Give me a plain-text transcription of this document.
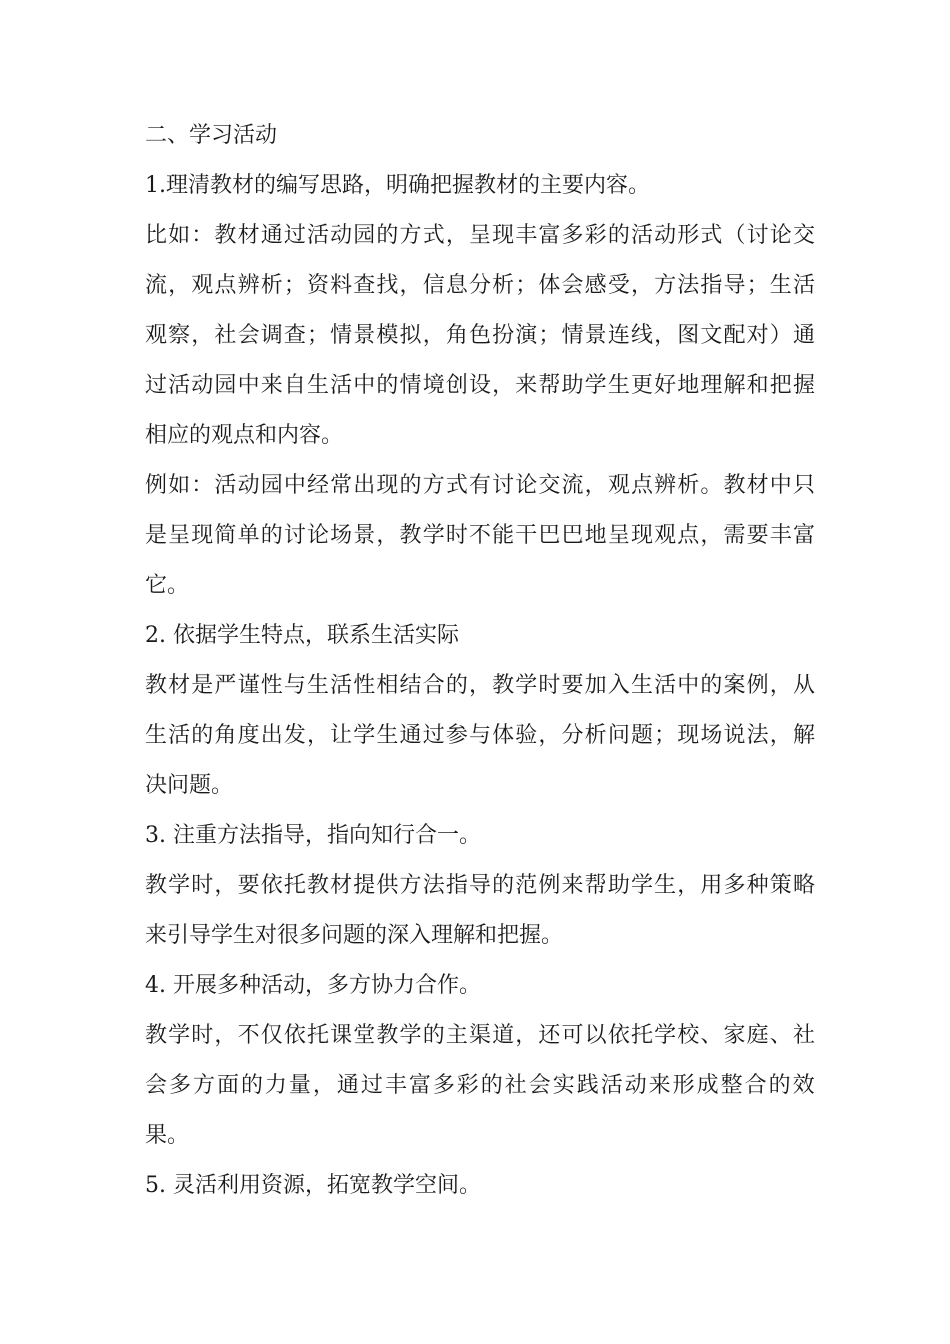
二、学习活动
1.理清教材的编写思路，明确把握教材的主要内容。
比 如 ： 教 材 通 过 活 动 园 的 方 式 ， 呈 现 丰 富 多 彩 的 活 动 形 式 （ 讨 论 交
流 ， 观 点 辨 析 ； 资 料 查 找 ， 信 息 分 析 ； 体 会 感 受 ， 方 法 指 导 ； 生 活
观 察 ， 社 会 调 查 ； 情 景 模 拟 ， 角 色 扮 演 ； 情 景 连 线 ， 图 文 配 对 ） 通
过 活 动 园 中 来 自 生 活 中 的 情 境 创 设 ， 来 帮 助 学 生 更 好 地 理 解 和 把 握
相应的观点和内容。
例 如 ： 活 动 园 中 经 常 出 现 的 方 式 有 讨 论 交 流 ， 观 点 辨 析 。 教 材 中 只
是 呈 现 简 单 的 讨 论 场 景 ， 教 学 时 不 能 干 巴 巴 地 呈 现 观 点 ， 需 要 丰 富
它。
2. 依据学生特点，联系生活实际
教 材 是 严 谨 性 与 生 活 性 相 结 合 的 ， 教 学 时 要 加 入 生 活 中 的 案 例 ， 从
生 活 的 角 度 出 发 ， 让 学 生 通 过 参 与 体 验 ， 分 析 问 题 ； 现 场 说 法 ， 解
决问题。
3. 注重方法指导，指向知行合一。
教 学 时 ， 要 依 托 教 材 提 供 方 法 指 导 的 范 例 来 帮 助 学 生 ， 用 多 种 策 略
来引导学生对很多问题的深入理解和把握。
4. 开展多种活动，多方协力合作。
教 学 时 ， 不 仅 依 托 课 堂 教 学 的 主 渠 道 ， 还 可 以 依 托 学 校 、 家 庭 、 社
会 多 方 面 的 力 量 ， 通 过 丰 富 多 彩 的 社 会 实 践 活 动 来 形 成 整 合 的 效
果。
5. 灵活利用资源，拓宽教学空间。
